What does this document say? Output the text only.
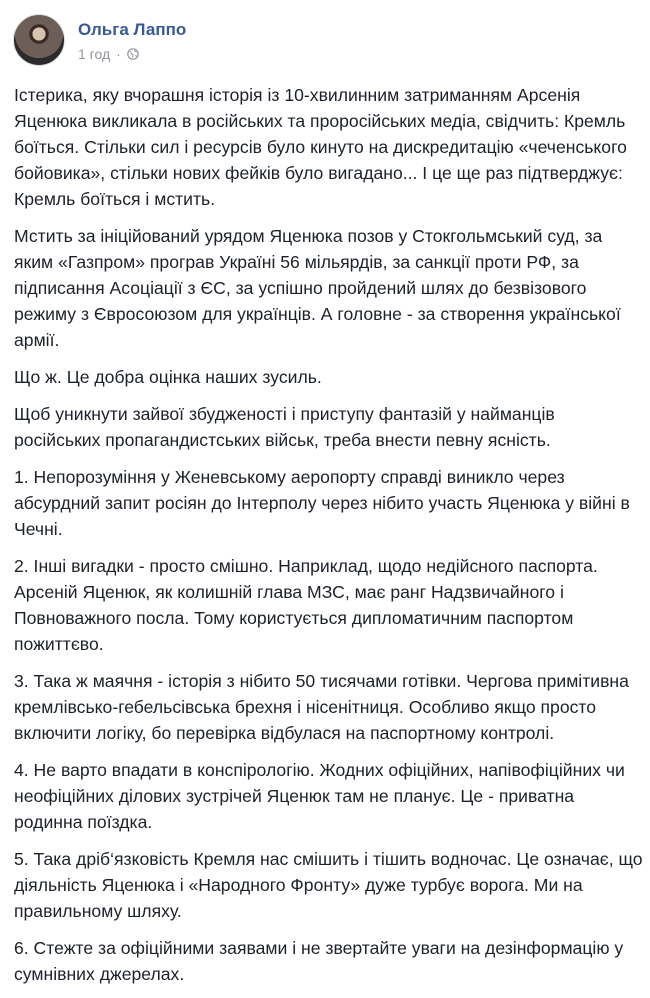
Ольга Лаппо
1 год ·

Істерика, яку вчорашня історія із 10-хвилинним затриманням Арсенія Яценюка викликала в російських та проросійських медіа, свідчить: Кремль боїться. Стільки сил і ресурсів було кинуто на дискредитацію «чеченського бойовика», стільки нових фейків було вигадано... І це ще раз підтверджує: Кремль боїться і мстить.

Мстить за ініційований урядом Яценюка позов у Стокгольмський суд, за яким «Газпром» програв Україні 56 мільярдів, за санкції проти РФ, за підписання Асоціації з ЄС, за успішно пройдений шлях до безвізового режиму з Євросоюзом для українців. А головне - за створення української армії.

Що ж. Це добра оцінка наших зусиль.

Щоб уникнути зайвої збудженості і приступу фантазій у найманців російських пропагандистських військ, треба внести певну ясність.

1. Непорозуміння у Женевському аеропорту справді виникло через абсурдний запит росіян до Інтерполу через нібито участь Яценюка у війні в Чечні.

2. Інші вигадки - просто смішно. Наприклад, щодо недійсного паспорта. Арсеній Яценюк, як колишній глава МЗС, має ранг Надзвичайного і Повноважного посла. Тому користується дипломатичним паспортом пожиттєво.

3. Така ж маячня - історія з нібито 50 тисячами готівки. Чергова примітивна кремлівсько-гебельсівська брехня і нісенітниця. Особливо якщо просто включити логіку, бо перевірка відбулася на паспортному контролі.

4. Не варто впадати в конспірологію. Жодних офіційних, напівофіційних чи неофіційних ділових зустрічей Яценюк там не планує. Це - приватна родинна поїздка.

5. Така дріб‘язковість Кремля нас смішить і тішить водночас. Це означає, що діяльність Яценюка і «Народного Фронту» дуже турбує ворога. Ми на правильному шляху.

6. Стежте за офіційними заявами і не звертайте уваги на дезінформацію у сумнівних джерелах.
